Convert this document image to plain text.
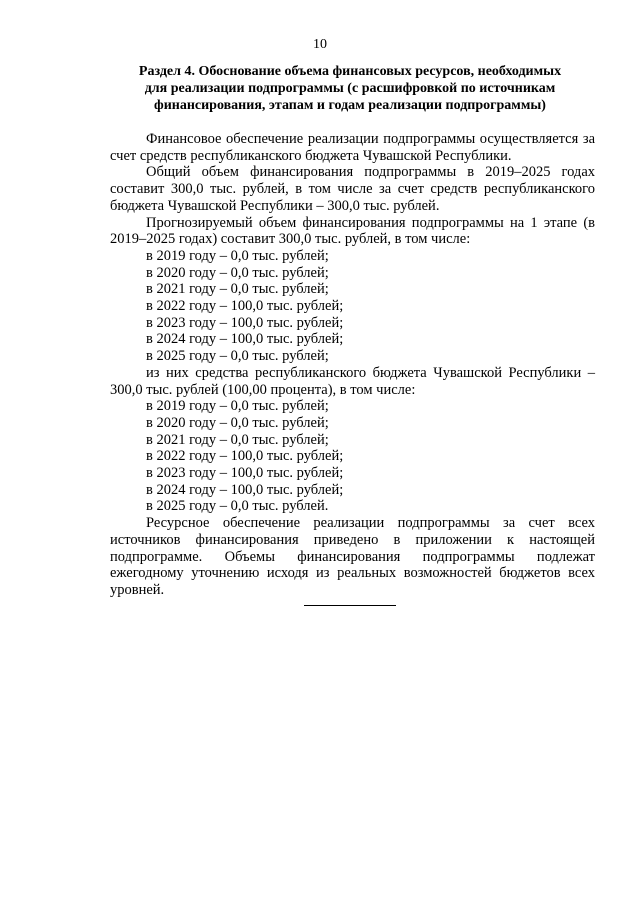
10
Раздел 4. Обоснование объема финансовых ресурсов, необходимых
для реализации подпрограммы (с расшифровкой по источникам
финансирования, этапам и годам реализации подпрограммы)

Финансовое обеспечение реализации подпрограммы осуществляется за счет средств республиканского бюджета Чувашской Республики.

Общий объем финансирования подпрограммы в 2019–2025 годах составит 300,0 тыс. рублей, в том числе за счет средств республиканского бюджета Чувашской Республики – 300,0 тыс. рублей.

Прогнозируемый объем финансирования подпрограммы на 1 этапе (в 2019–2025 годах) составит 300,0 тыс. рублей, в том числе:

в 2019 году – 0,0 тыс. рублей;

в 2020 году – 0,0 тыс. рублей;

в 2021 году – 0,0 тыс. рублей;

в 2022 году – 100,0 тыс. рублей;

в 2023 году – 100,0 тыс. рублей;

в 2024 году – 100,0 тыс. рублей;

в 2025 году – 0,0 тыс. рублей;

из них средства республиканского бюджета Чувашской Республики – 300,0 тыс. рублей (100,00 процента), в том числе:

в 2019 году – 0,0 тыс. рублей;

в 2020 году – 0,0 тыс. рублей;

в 2021 году – 0,0 тыс. рублей;

в 2022 году – 100,0 тыс. рублей;

в 2023 году – 100,0 тыс. рублей;

в 2024 году – 100,0 тыс. рублей;

в 2025 году – 0,0 тыс. рублей.

Ресурсное обеспечение реализации подпрограммы за счет всех источников финансирования приведено в приложении к настоящей подпрограмме. Объемы финансирования подпрограммы подлежат ежегодному уточнению исходя из реальных возможностей бюджетов всех уровней.
